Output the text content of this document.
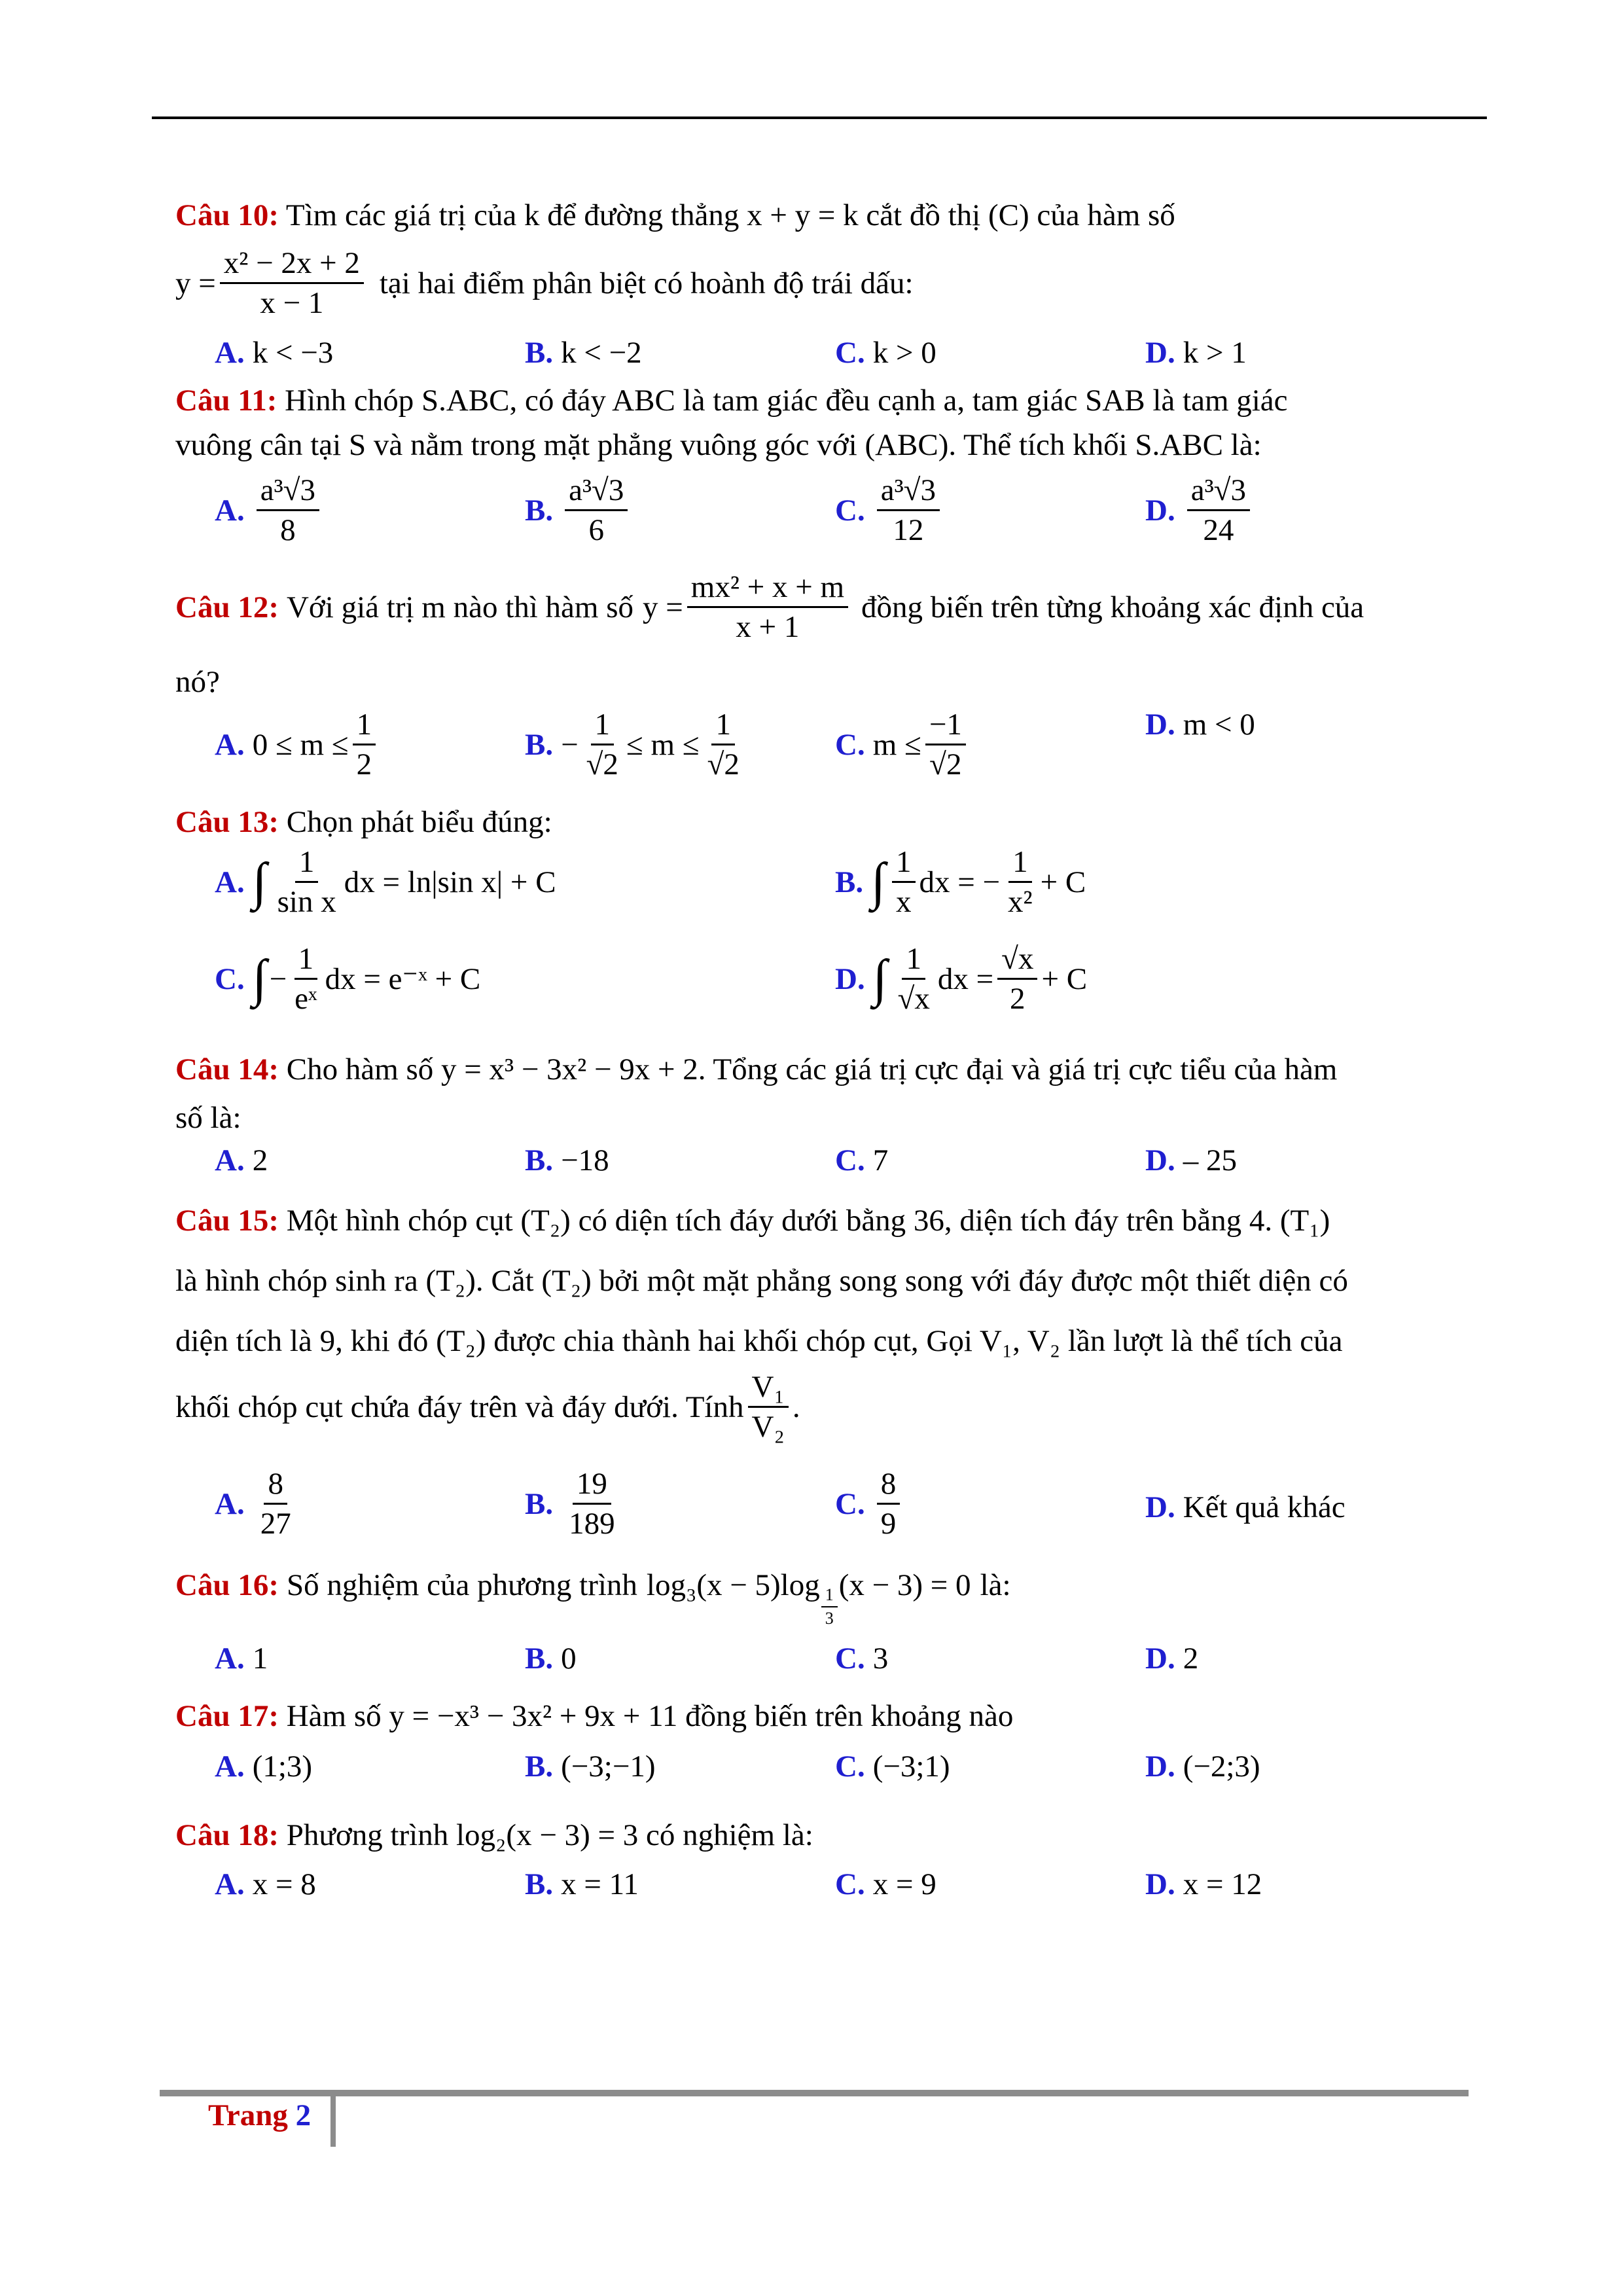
Câu 10: Tìm các giá trị của k để đường thẳng x + y = k cắt đồ thị (C) của hàm số
$y = \frac{\text{x² − 2x + 2}}{x - 1}$ tại hai điểm phân biệt có hoành độ trái dấu:
A. k < −3	B. k < −2	C. k > 0	D. k > 1
Câu 11: Hình chóp S.ABC, có đáy ABC là tam giác đều cạnh a, tam giác SAB là tam giác
vuông cân tại S và nằm trong mặt phẳng vuông góc với (ABC). Thể tích khối S.ABC là:
A. $\frac{\text{a³√3}}{8}$	B. $\frac{\text{a³√3}}{6}$	C. $\frac{\text{a³√3}}{12}$	D. $\frac{\text{a³√3}}{24}$
Câu 12: Với giá trị m nào thì hàm số $y = \frac{\text{mx² + x + m}}{x + 1}$ đồng biến trên từng khoảng xác định của
nó?
A. $0 \le m \le \frac{1}{2}$	B. − $\frac{1}{√2} \le m \le \frac{1}{√2}$	C. $m \le \frac{-1}{√2}$	D. m < 0
Câu 13: Chọn phát biểu đúng:
A. ∫ $\frac{1}{\text{sin x}}$ dx = ln|sin x| + C	B. ∫ $\frac{1}{x}$ dx = − $\frac{1}{\text{x²}} + C$
C. ∫ − $\frac{1}{\text{eˣ}}$ dx = e⁻ˣ + C	D. ∫ $\frac{1}{√x}$ dx = $\frac{√x}{2} + C$
Câu 14: Cho hàm số y = x³ − 3x² − 9x + 2. Tổng các giá trị cực đại và giá trị cực tiểu của hàm
số là:
A. 2	B. −18	C. 7	D. – 25
Câu 15: Một hình chóp cụt (T₂) có diện tích đáy dưới bằng 36, diện tích đáy trên bằng 4. (T₁)
là hình chóp sinh ra (T₂). Cắt (T₂) bởi một mặt phẳng song song với đáy được một thiết diện có
diện tích là 9, khi đó (T₂) được chia thành hai khối chóp cụt, Gọi V₁, V₂ lần lượt là thể tích của
khối chóp cụt chứa đáy trên và đáy dưới. Tính $\frac{\text{V₁}}{\text{V₂}}$ .
A. $\frac{8}{27}$	B. $\frac{19}{189}$	C. $\frac{8}{9}$	D. Kết quả khác
Câu 16: Số nghiệm của phương trình $\log_3(x - 5)\log \frac{1}{3} (x - 3) = 0$ là:
A. 1	B. 0	C. 3	D. 2
Câu 17: Hàm số y = −x³ − 3x² + 9x + 11 đồng biến trên khoảng nào
A. (1;3)	B. (−3;−1)	C. (−3;1)	D. (−2;3)
Câu 18: Phương trình log₂(x − 3) = 3 có nghiệm là:
A. x = 8	B. x = 11	C. x = 9	D. x = 12
Trang 2
